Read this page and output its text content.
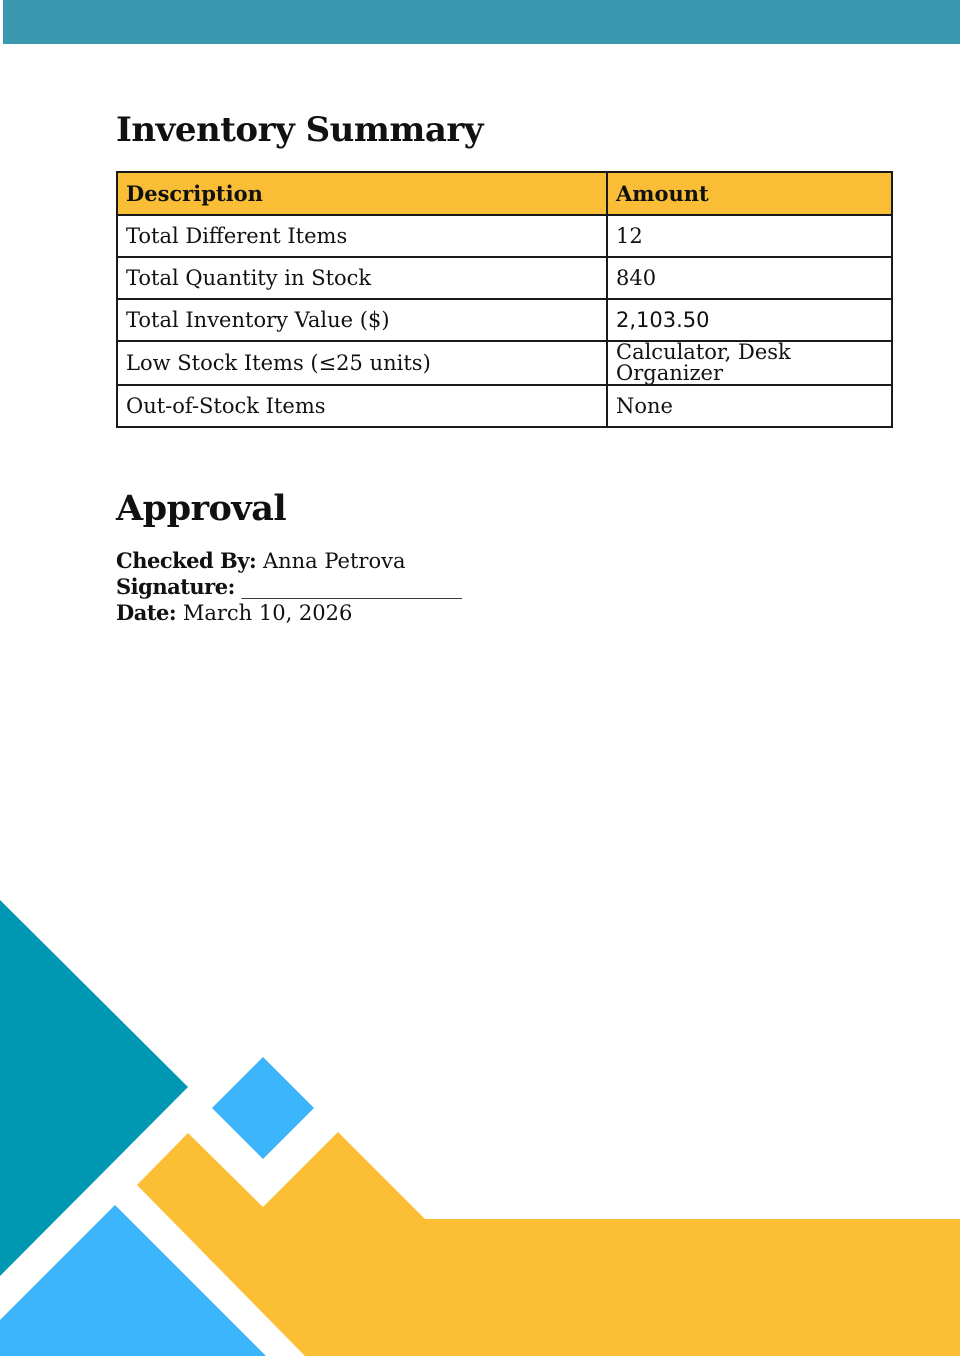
Inventory Summary
Description	Amount
Total Different Items	12
Total Quantity in Stock	840
Total Inventory Value ($)	2,103.50
Low Stock Items (≤25 units)	Calculator, Desk Organizer
Out-of-Stock Items	None
Approval
Checked By: Anna Petrova
Signature: _____________________
Date: March 10, 2026
